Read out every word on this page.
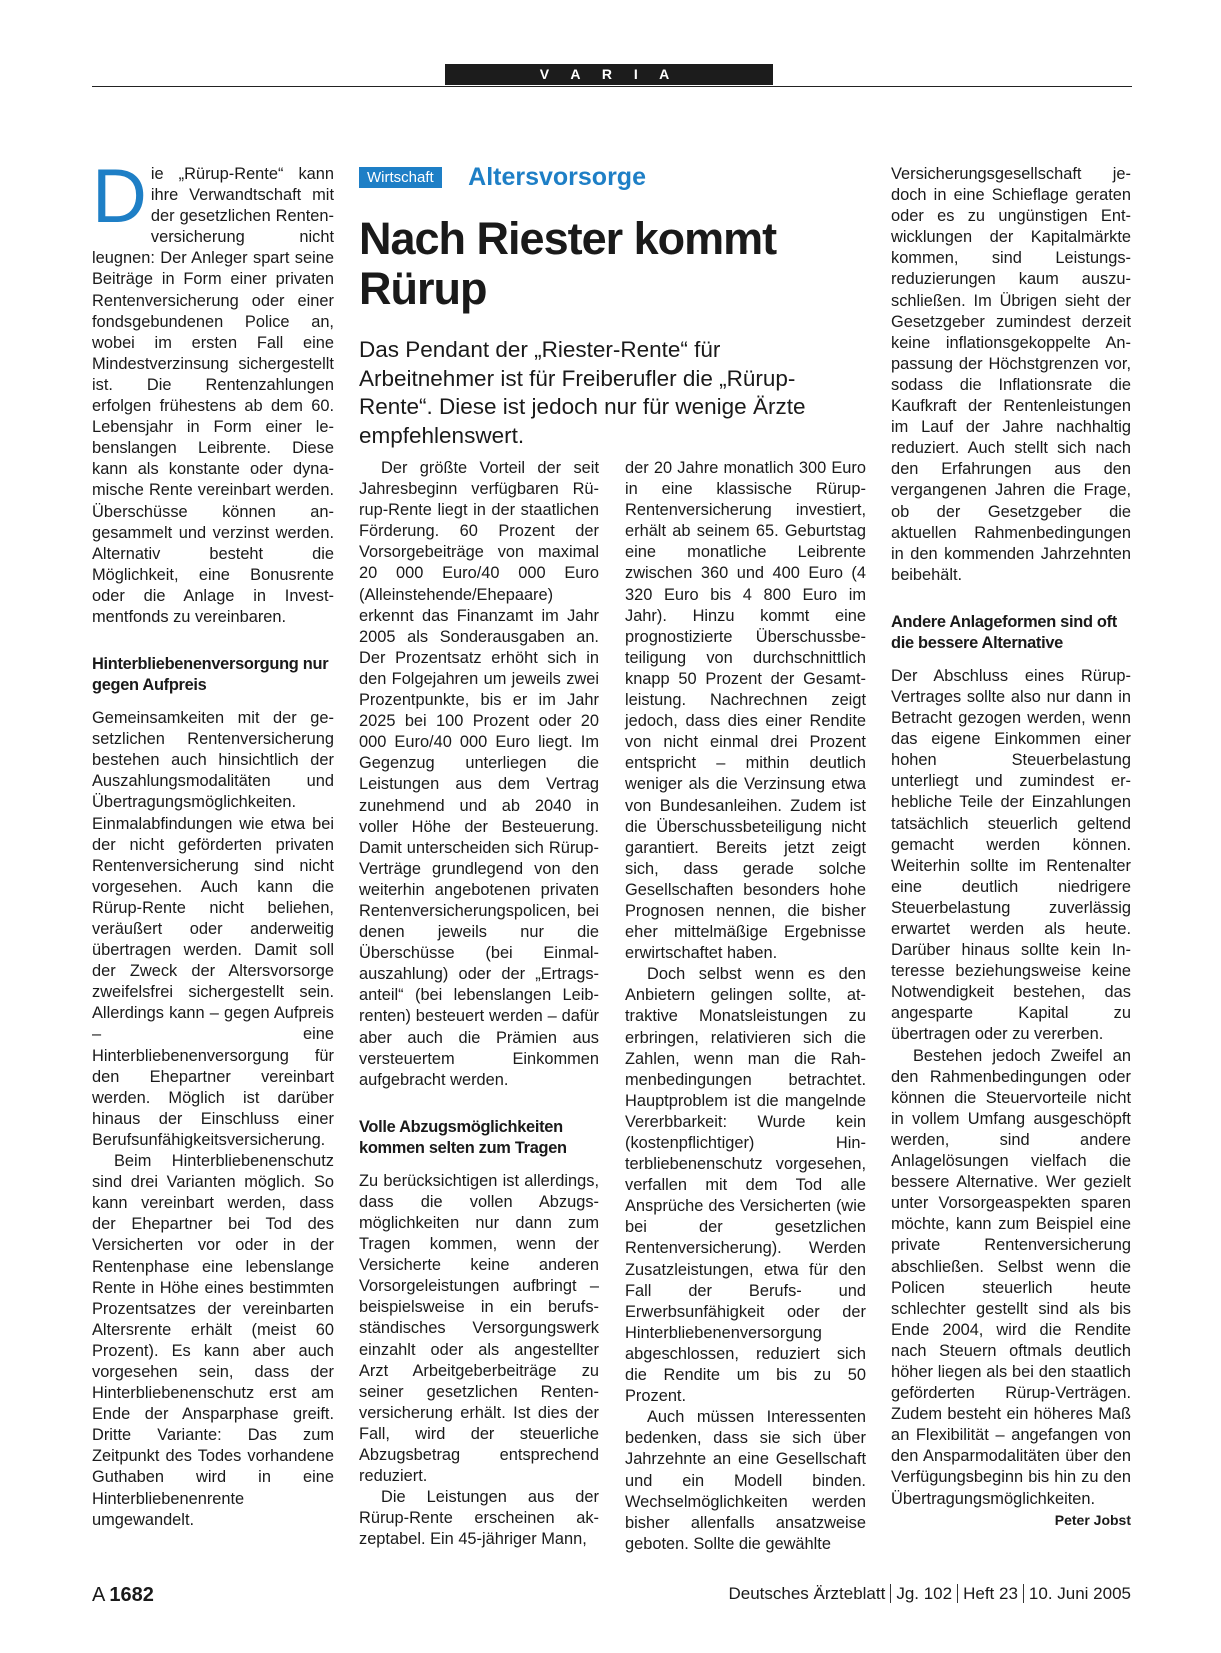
V A R I A
Wirtschaft Altersvorsorge
Nach Riester kommt Rürup

Das Pendant der „Riester-Rente“ für Arbeitnehmer ist für Freiberufler die „Rürup-Rente“. Diese ist jedoch nur für wenige Ärzte empfehlenswert.

Die „Rürup-Rente“ kann ihre Verwandtschaft mit der gesetzlichen Rentenversicherung nicht leugnen: Der Anleger spart seine Beiträge in Form einer privaten Rentenversicherung oder einer fondsgebundenen Police an, wobei im ersten Fall eine Mindestverzinsung sichergestellt ist. Die Rentenzahlungen erfolgen frühestens ab dem 60. Lebensjahr in Form einer lebenslangen Leibrente. Diese kann als konstante oder dynamische Rente vereinbart werden. Überschüsse können angesammelt und verzinst werden. Alternativ besteht die Möglichkeit, eine Bonusrente oder die Anlage in Investmentfonds zu vereinbaren.

Hinterbliebenenversorgung nur gegen Aufpreis

Gemeinsamkeiten mit der gesetzlichen Rentenversicherung bestehen auch hinsichtlich der Auszahlungsmodalitäten und Übertragungsmöglichkeiten. Einmalabfindungen wie etwa bei der nicht geförderten privaten Rentenversicherung sind nicht vorgesehen. Auch kann die Rürup-Rente nicht beliehen, veräußert oder anderweitig übertragen werden. Damit soll der Zweck der Altersvorsorge zweifelsfrei sichergestellt sein. Allerdings kann – gegen Aufpreis – eine Hinterbliebenenversorgung für den Ehepartner vereinbart werden. Möglich ist darüber hinaus der Einschluss einer Berufsunfähigkeitsversicherung.

Beim Hinterbliebenenschutz sind drei Varianten möglich. So kann vereinbart werden, dass der Ehepartner bei Tod des Versicherten vor oder in der Rentenphase eine lebenslange Rente in Höhe eines bestimmten Prozentsatzes der vereinbarten Altersrente erhält (meist 60 Prozent). Es kann aber auch vorgesehen sein, dass der Hinterbliebenenschutz erst am Ende der Ansparphase greift. Dritte Variante: Das zum Zeitpunkt des Todes vorhandene Guthaben wird in eine Hinterbliebenenrente umgewandelt.

Der größte Vorteil der seit Jahresbeginn verfügbaren Rürup-Rente liegt in der staatlichen Förderung. 60 Prozent der Vorsorgebeiträge von maximal 20 000 Euro/40 000 Euro (Alleinstehende/Ehepaare) erkennt das Finanzamt im Jahr 2005 als Sonderausgaben an. Der Prozentsatz erhöht sich in den Folgejahren um jeweils zwei Prozentpunkte, bis er im Jahr 2025 bei 100 Prozent oder 20 000 Euro/40 000 Euro liegt. Im Gegenzug unterliegen die Leistungen aus dem Vertrag zunehmend und ab 2040 in voller Höhe der Besteuerung. Damit unterscheiden sich Rürup-Verträge grundlegend von den weiterhin angebotenen privaten Rentenversicherungspolicen, bei denen jeweils nur die Überschüsse (bei Einmalauszahlung) oder der „Ertragsanteil“ (bei lebenslangen Leibrenten) besteuert werden – dafür aber auch die Prämien aus versteuertem Einkommen aufgebracht werden.

Volle Abzugsmöglichkeiten kommen selten zum Tragen

Zu berücksichtigen ist allerdings, dass die vollen Abzugsmöglichkeiten nur dann zum Tragen kommen, wenn der Versicherte keine anderen Vorsorgeleistungen aufbringt – beispielsweise in ein berufsständisches Versorgungswerk einzahlt oder als angestellter Arzt Arbeitgeberbeiträge zu seiner gesetzlichen Rentenversicherung erhält. Ist dies der Fall, wird der steuerliche Abzugsbetrag entsprechend reduziert.

Die Leistungen aus der Rürup-Rente erscheinen akzeptabel. Ein 45-jähriger Mann,

der 20 Jahre monatlich 300 Euro in eine klassische Rürup-Rentenversicherung investiert, erhält ab seinem 65. Geburtstag eine monatliche Leibrente zwischen 360 und 400 Euro (4 320 Euro bis 4 800 Euro im Jahr). Hinzu kommt eine prognostizierte Überschussbeteiligung von durchschnittlich knapp 50 Prozent der Gesamtleistung. Nachrechnen zeigt jedoch, dass dies einer Rendite von nicht einmal drei Prozent entspricht – mithin deutlich weniger als die Verzinsung etwa von Bundesanleihen. Zudem ist die Überschussbeteiligung nicht garantiert. Bereits jetzt zeigt sich, dass gerade solche Gesellschaften besonders hohe Prognosen nennen, die bisher eher mittelmäßige Ergebnisse erwirtschaftet haben.

Doch selbst wenn es den Anbietern gelingen sollte, attraktive Monatsleistungen zu erbringen, relativieren sich die Zahlen, wenn man die Rahmenbedingungen betrachtet. Hauptproblem ist die mangelnde Vererbbarkeit: Wurde kein (kostenpflichtiger) Hinterbliebenenschutz vorgesehen, verfallen mit dem Tod alle Ansprüche des Versicherten (wie bei der gesetzlichen Rentenversicherung). Werden Zusatzleistungen, etwa für den Fall der Berufs- und Erwerbsunfähigkeit oder der Hinterbliebenenversorgung abgeschlossen, reduziert sich die Rendite um bis zu 50 Prozent.

Auch müssen Interessenten bedenken, dass sie sich über Jahrzehnte an eine Gesellschaft und ein Modell binden. Wechselmöglichkeiten werden bisher allenfalls ansatzweise geboten. Sollte die gewählte

Versicherungsgesellschaft jedoch in eine Schieflage geraten oder es zu ungünstigen Entwicklungen der Kapitalmärkte kommen, sind Leistungsreduzierungen kaum auszuschließen. Im Übrigen sieht der Gesetzgeber zumindest derzeit keine inflationsgekoppelte Anpassung der Höchstgrenzen vor, sodass die Inflationsrate die Kaufkraft der Rentenleistungen im Lauf der Jahre nachhaltig reduziert. Auch stellt sich nach den Erfahrungen aus den vergangenen Jahren die Frage, ob der Gesetzgeber die aktuellen Rahmenbedingungen in den kommenden Jahrzehnten beibehält.

Andere Anlageformen sind oft die bessere Alternative

Der Abschluss eines Rürup-Vertrages sollte also nur dann in Betracht gezogen werden, wenn das eigene Einkommen einer hohen Steuerbelastung unterliegt und zumindest erhebliche Teile der Einzahlungen tatsächlich steuerlich geltend gemacht werden können. Weiterhin sollte im Rentenalter eine deutlich niedrigere Steuerbelastung zuverlässig erwartet werden als heute. Darüber hinaus sollte kein Interesse beziehungsweise keine Notwendigkeit bestehen, das angesparte Kapital zu übertragen oder zu vererben.

Bestehen jedoch Zweifel an den Rahmenbedingungen oder können die Steuervorteile nicht in vollem Umfang ausgeschöpft werden, sind andere Anlagelösungen vielfach die bessere Alternative. Wer gezielt unter Vorsorgeaspekten sparen möchte, kann zum Beispiel eine private Rentenversicherung abschließen. Selbst wenn die Policen steuerlich heute schlechter gestellt sind als bis Ende 2004, wird die Rendite nach Steuern oftmals deutlich höher liegen als bei den staatlich geförderten Rürup-Verträgen. Zudem besteht ein höheres Maß an Flexibilität – angefangen von den Ansparmodalitäten über den Verfügungsbeginn bis hin zu den Übertragungsmöglichkeiten.
Peter Jobst

A 1682	Deutsches Ärzteblatt Jg. 102 Heft 23 10. Juni 2005
